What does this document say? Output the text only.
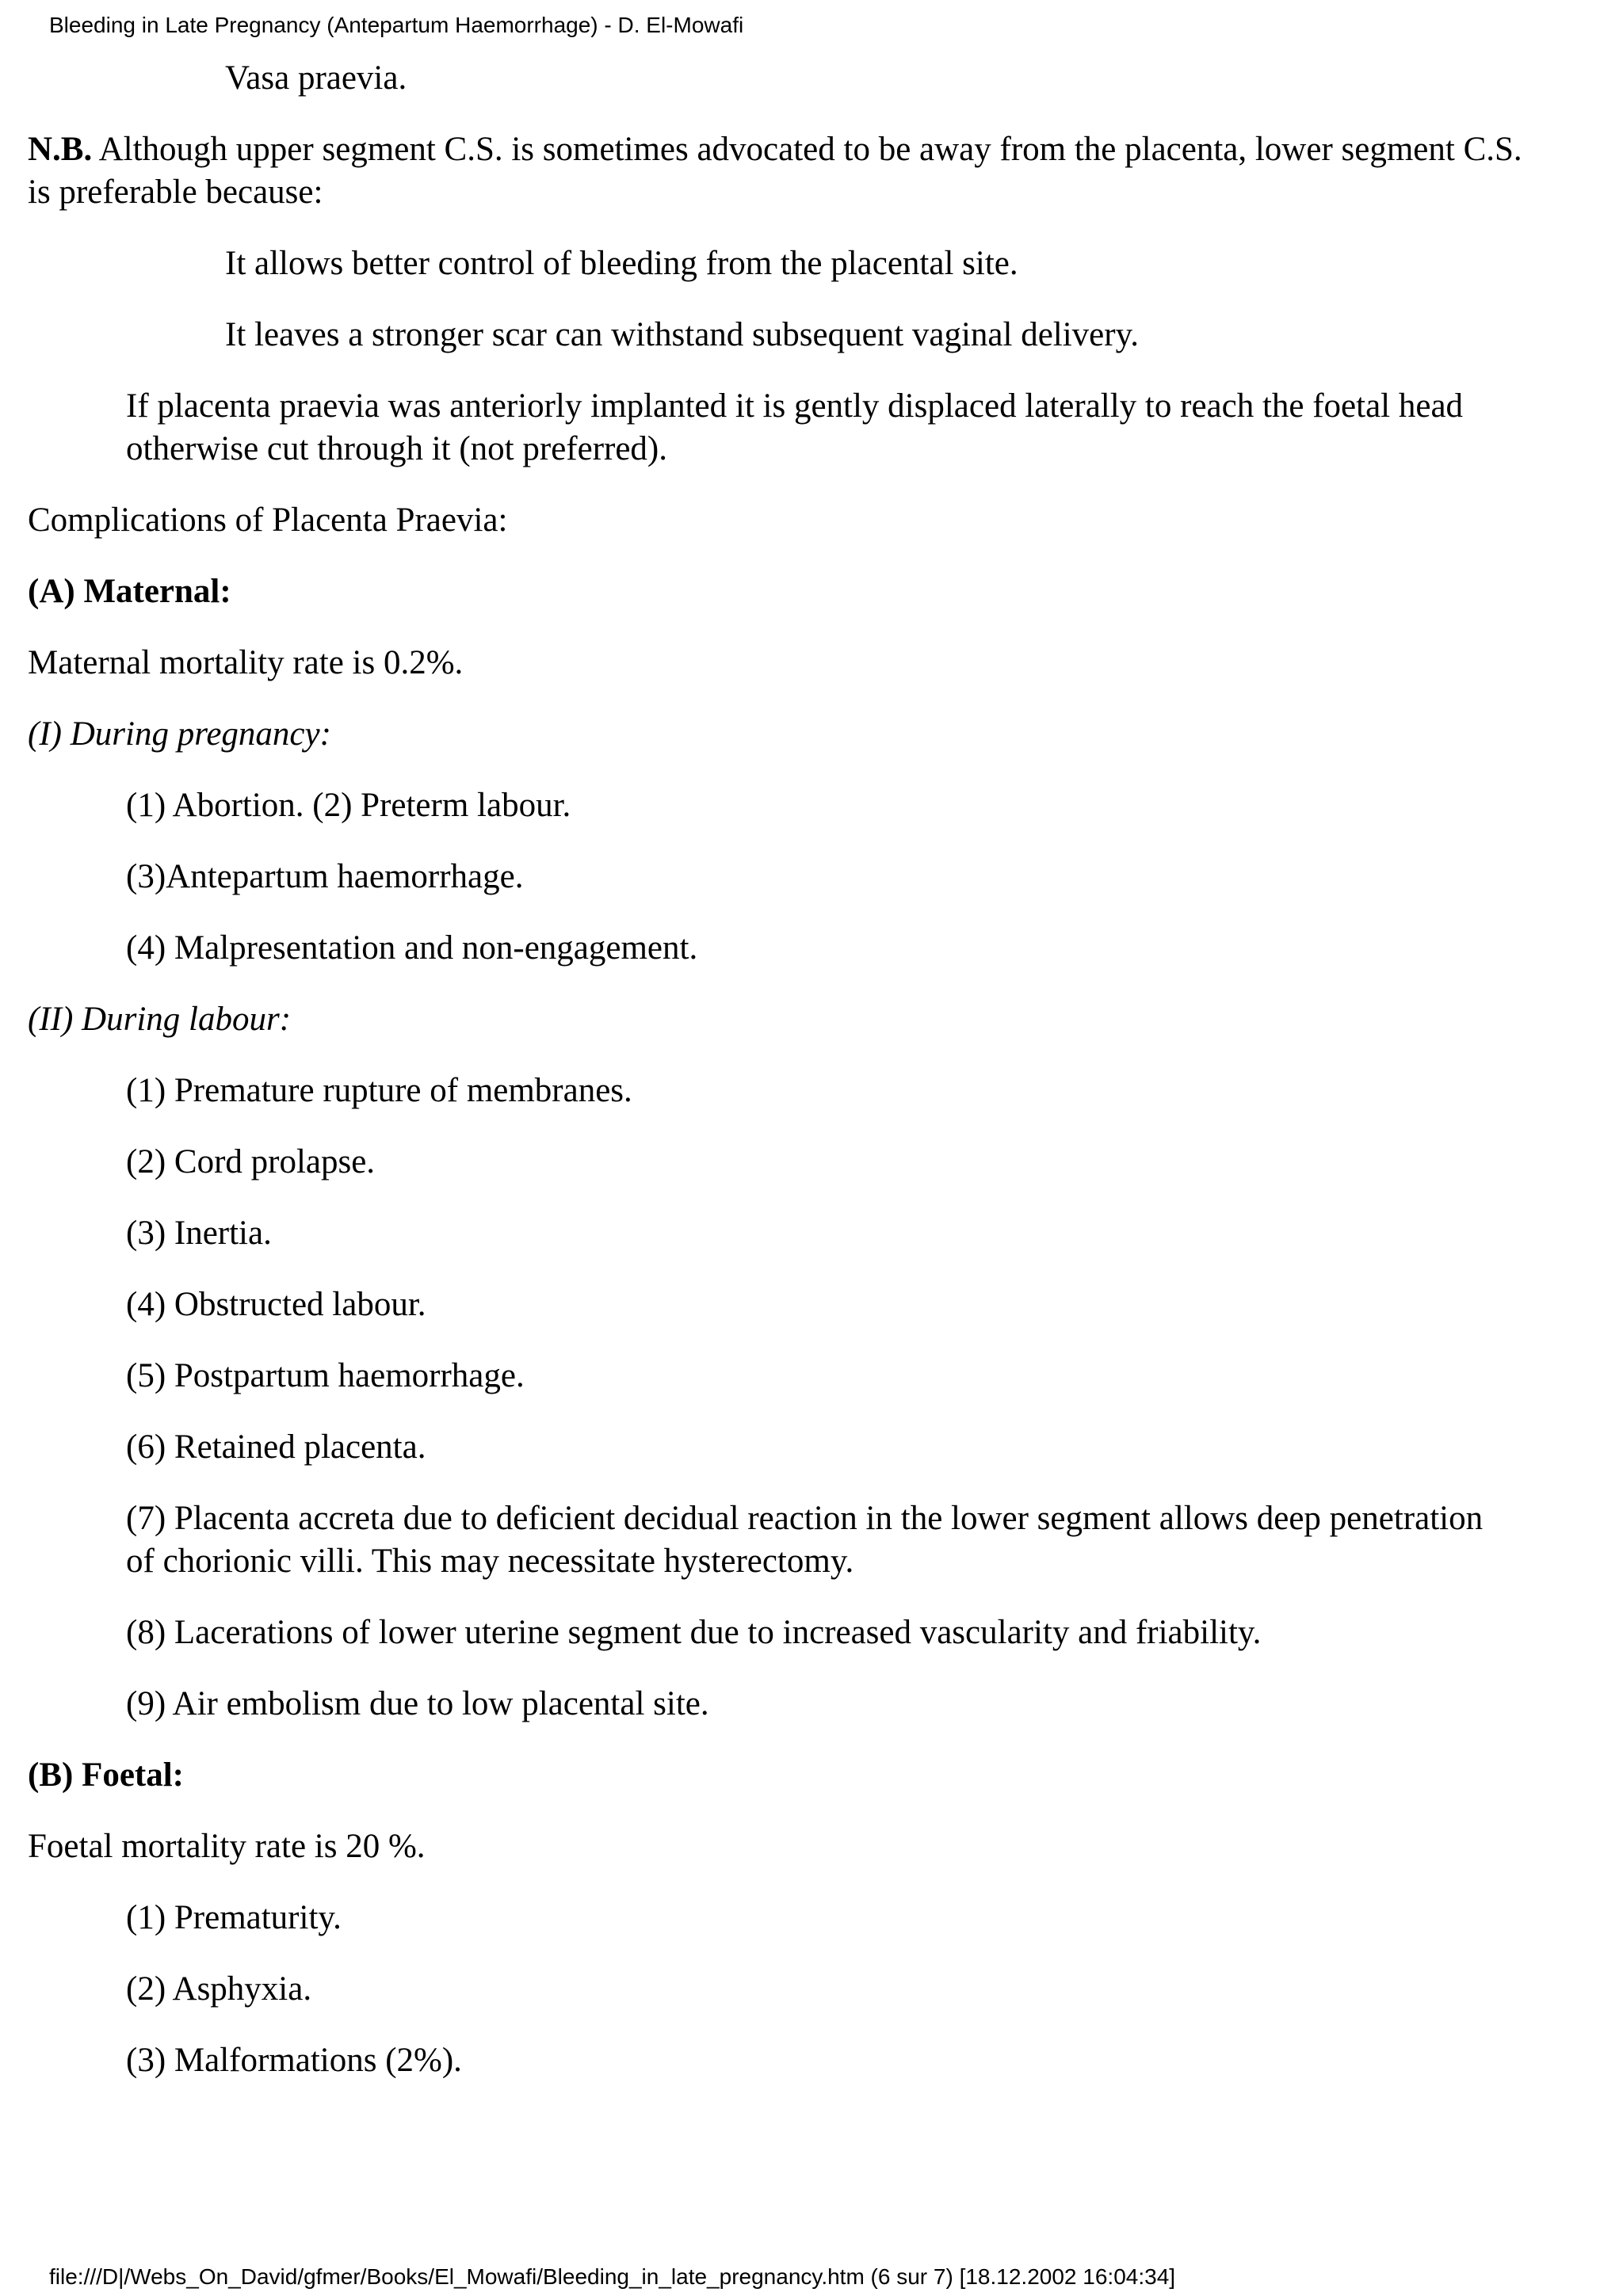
Bleeding in Late Pregnancy (Antepartum Haemorrhage) - D. El-Mowafi

Vasa praevia.

N.B. Although upper segment C.S. is sometimes advocated to be away from the placenta, lower segment C.S. is preferable because:

It allows better control of bleeding from the placental site.

It leaves a stronger scar can withstand subsequent vaginal delivery.

If placenta praevia was anteriorly implanted it is gently displaced laterally to reach the foetal head otherwise cut through it (not preferred).

Complications of Placenta Praevia:

(A) Maternal:

Maternal mortality rate is 0.2%.

(I) During pregnancy:

(1) Abortion. (2) Preterm labour.

(3)Antepartum haemorrhage.

(4) Malpresentation and non-engagement.

(II) During labour:

(1) Premature rupture of membranes.

(2) Cord prolapse.

(3) Inertia.

(4) Obstructed labour.

(5) Postpartum haemorrhage.

(6) Retained placenta.

(7) Placenta accreta due to deficient decidual reaction in the lower segment allows deep penetration of chorionic villi. This may necessitate hysterectomy.

(8) Lacerations of lower uterine segment due to increased vascularity and friability.

(9) Air embolism due to low placental site.

(B) Foetal:

Foetal mortality rate is 20 %.

(1) Prematurity.

(2) Asphyxia.

(3) Malformations (2%).

file:///D|/Webs_On_David/gfmer/Books/El_Mowafi/Bleeding_in_late_pregnancy.htm (6 sur 7) [18.12.2002 16:04:34]
